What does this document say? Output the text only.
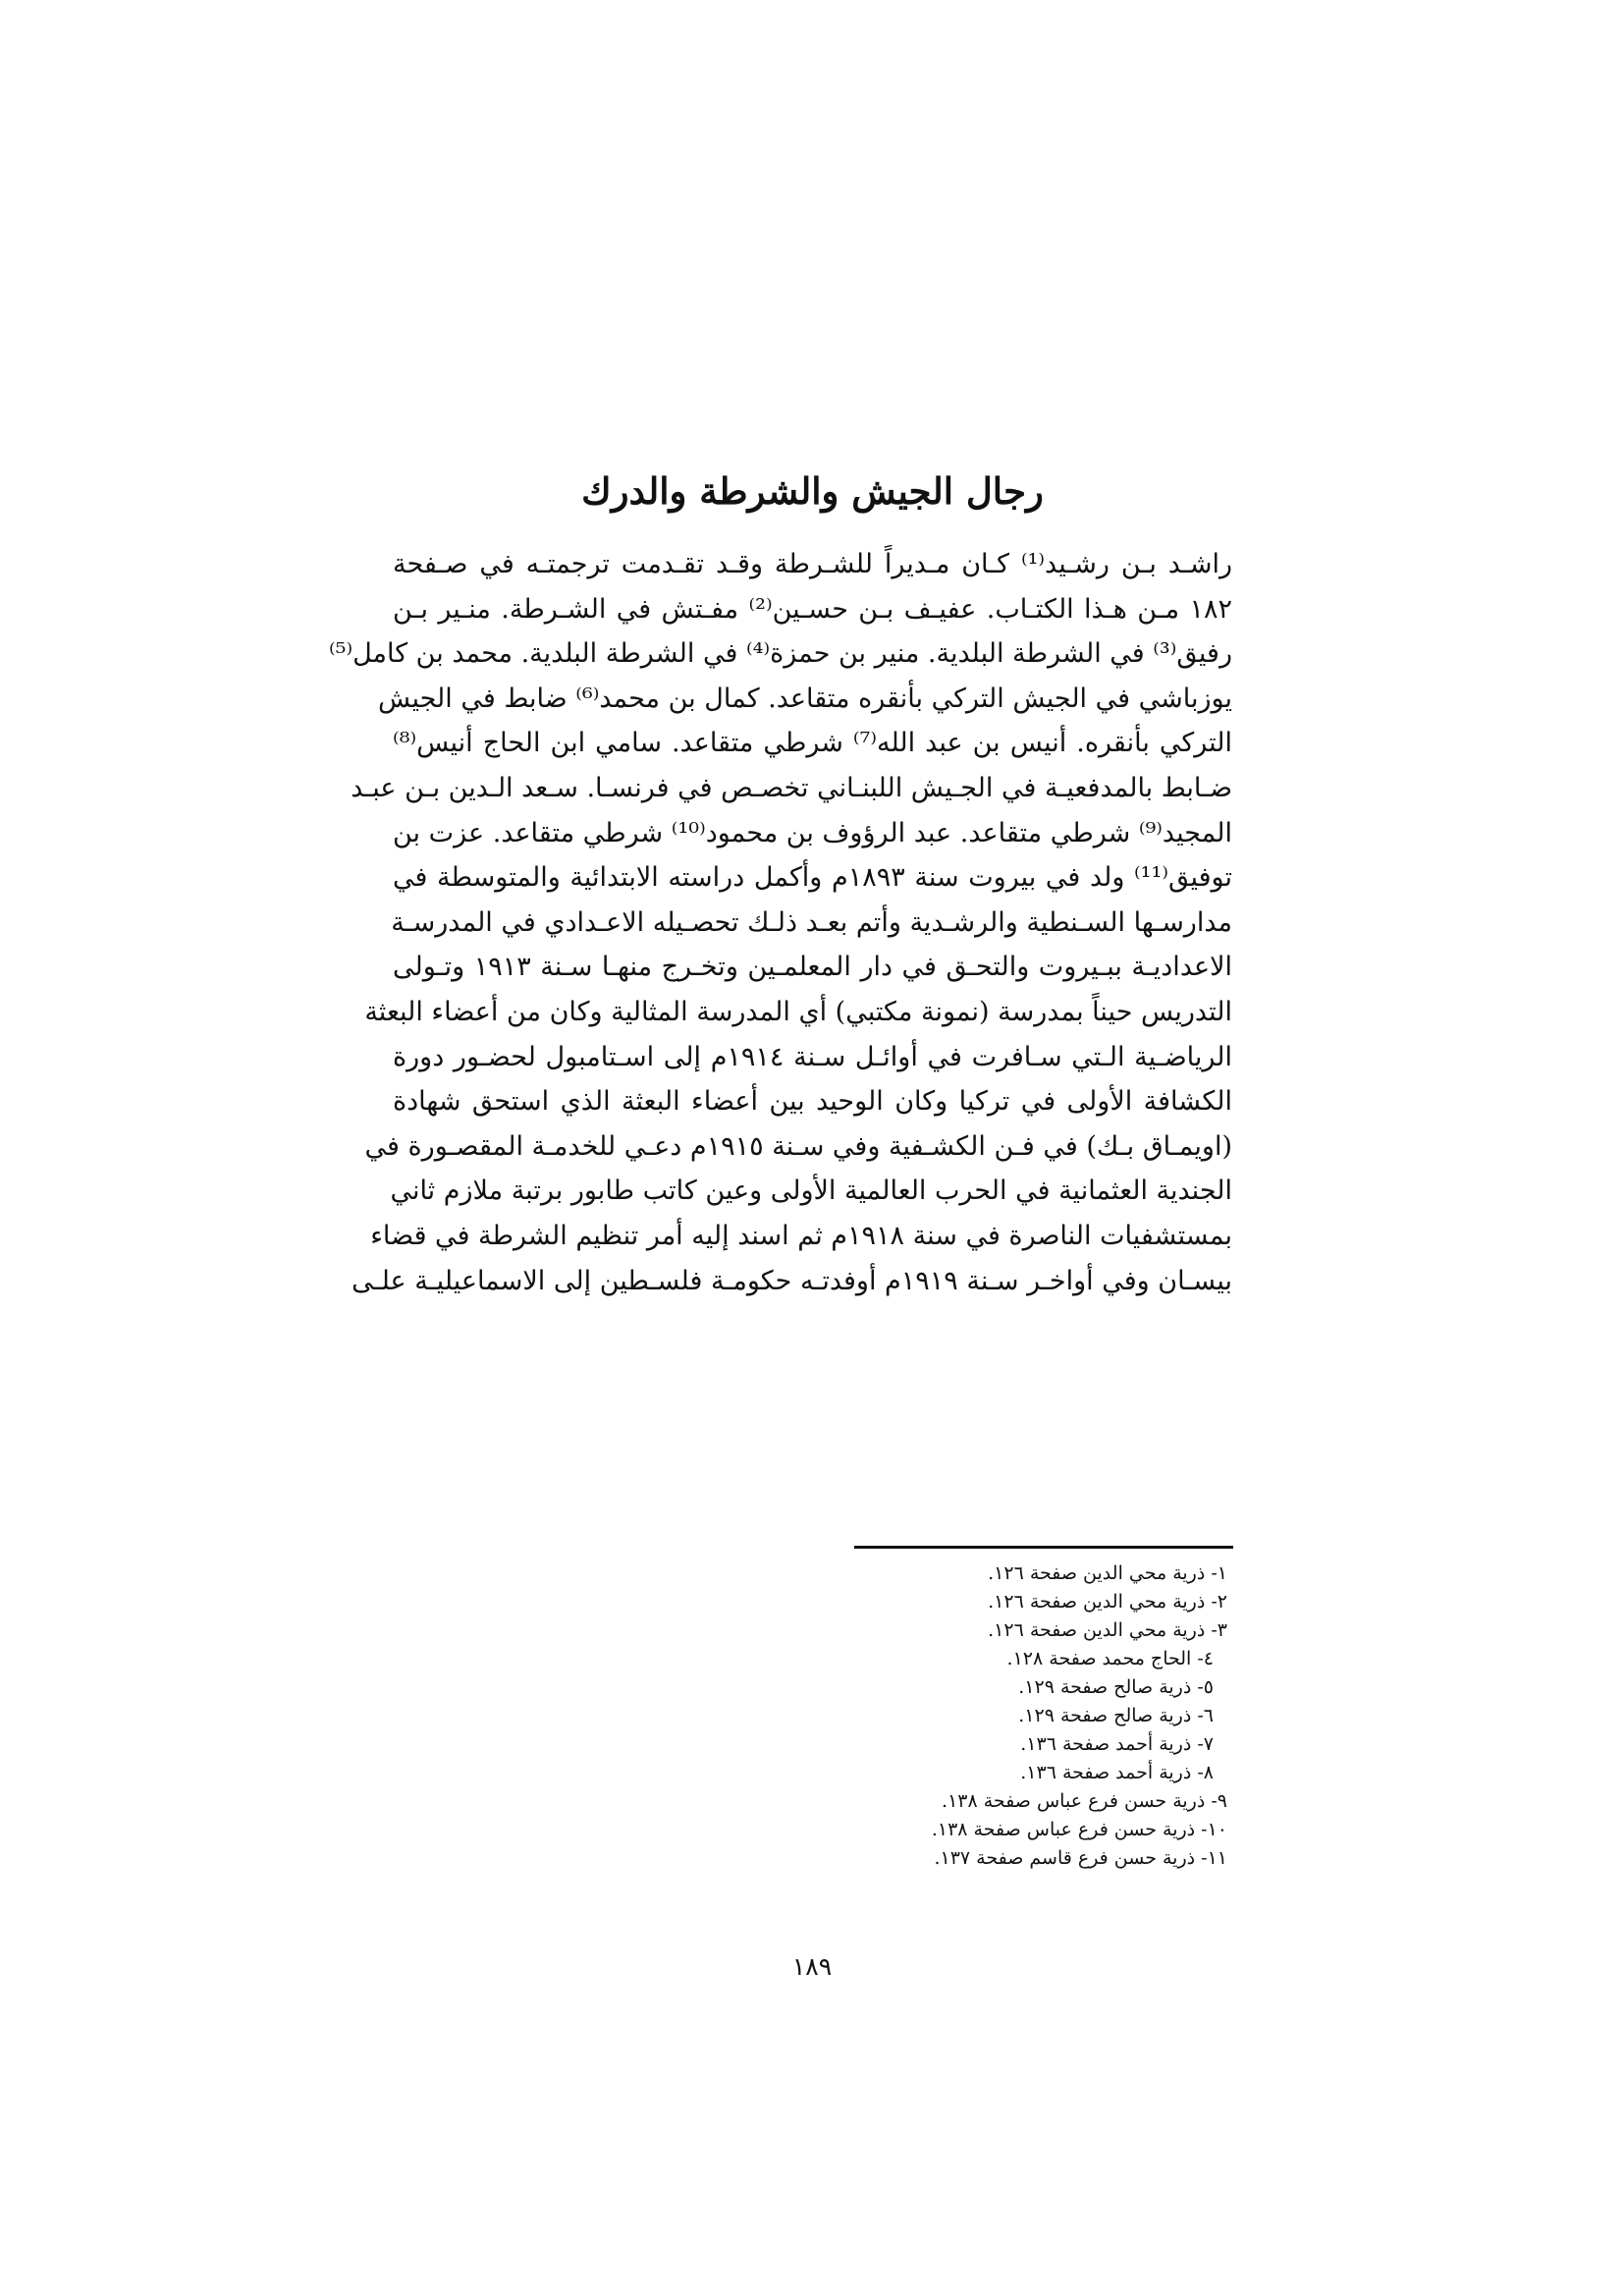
رجال الجيش والشرطة والدرك
راشـد بـن رشـيد⁽¹⁾ كـان مـديراً للشـرطة وقـد تقـدمت ترجمتـه في صـفحة
١٨٢ مـن هـذا الكتـاب. عفيـف بـن حسـين⁽²⁾ مفـتش في الشـرطة. منـير بـن
رفيق⁽³⁾ في الشرطة البلدية. منير بن حمزة⁽⁴⁾ في الشرطة البلدية. محمد بن كامل⁽⁵⁾
يوزباشي في الجيش التركي بأنقره متقاعد. كمال بن محمد⁽⁶⁾ ضابط في الجيش
التركي بأنقره. أنيس بن عبد الله⁽⁷⁾ شرطي متقاعد. سامي ابن الحاج أنيس⁽⁸⁾
ضـابط بالمدفعيـة في الجـيش اللبنـاني تخصـص في فرنسـا. سـعد الـدين بـن عبـد
المجيد⁽⁹⁾ شرطي متقاعد. عبد الرؤوف بن محمود⁽¹⁰⁾ شرطي متقاعد. عزت بن
توفيق⁽¹¹⁾ ولد في بيروت سنة ١٨٩٣م وأكمل دراسته الابتدائية والمتوسطة في
مدارسـها السـنطية والرشـدية وأتم بعـد ذلـك تحصـيله الاعـدادي في المدرسـة
الاعداديـة ببـيروت والتحـق في دار المعلمـين وتخـرج منهـا سـنة ١٩١٣ وتـولى
التدريس حيناً بمدرسة (نمونة مكتبي) أي المدرسة المثالية وكان من أعضاء البعثة
الرياضـية الـتي سـافرت في أوائـل سـنة ١٩١٤م إلى اسـتامبول لحضـور دورة
الكشافة الأولى في تركيا وكان الوحيد بين أعضاء البعثة الذي استحق شهادة
(اويمـاق بـك) في فـن الكشـفية وفي سـنة ١٩١٥م دعـي للخدمـة المقصـورة في
الجندية العثمانية في الحرب العالمية الأولى وعين كاتب طابور برتبة ملازم ثاني
بمستشفيات الناصرة في سنة ١٩١٨م ثم اسند إليه أمر تنظيم الشرطة في قضاء
بيسـان وفي أواخـر سـنة ١٩١٩م أوفدتـه حكومـة فلسـطين إلى الاسماعيليـة علـى
١- ذرية محي الدين صفحة ١٢٦.
٢- ذرية محي الدين صفحة ١٢٦.
٣- ذرية محي الدين صفحة ١٢٦.
٤- الحاج محمد صفحة ١٢٨.
٥- ذرية صالح صفحة ١٢٩.
٦- ذرية صالح صفحة ١٢٩.
٧- ذرية أحمد صفحة ١٣٦.
٨- ذرية أحمد صفحة ١٣٦.
٩- ذرية حسن فرع عباس صفحة ١٣٨.
١٠- ذرية حسن فرع عباس صفحة ١٣٨.
١١- ذرية حسن فرع قاسم صفحة ١٣٧.
١٨٩
